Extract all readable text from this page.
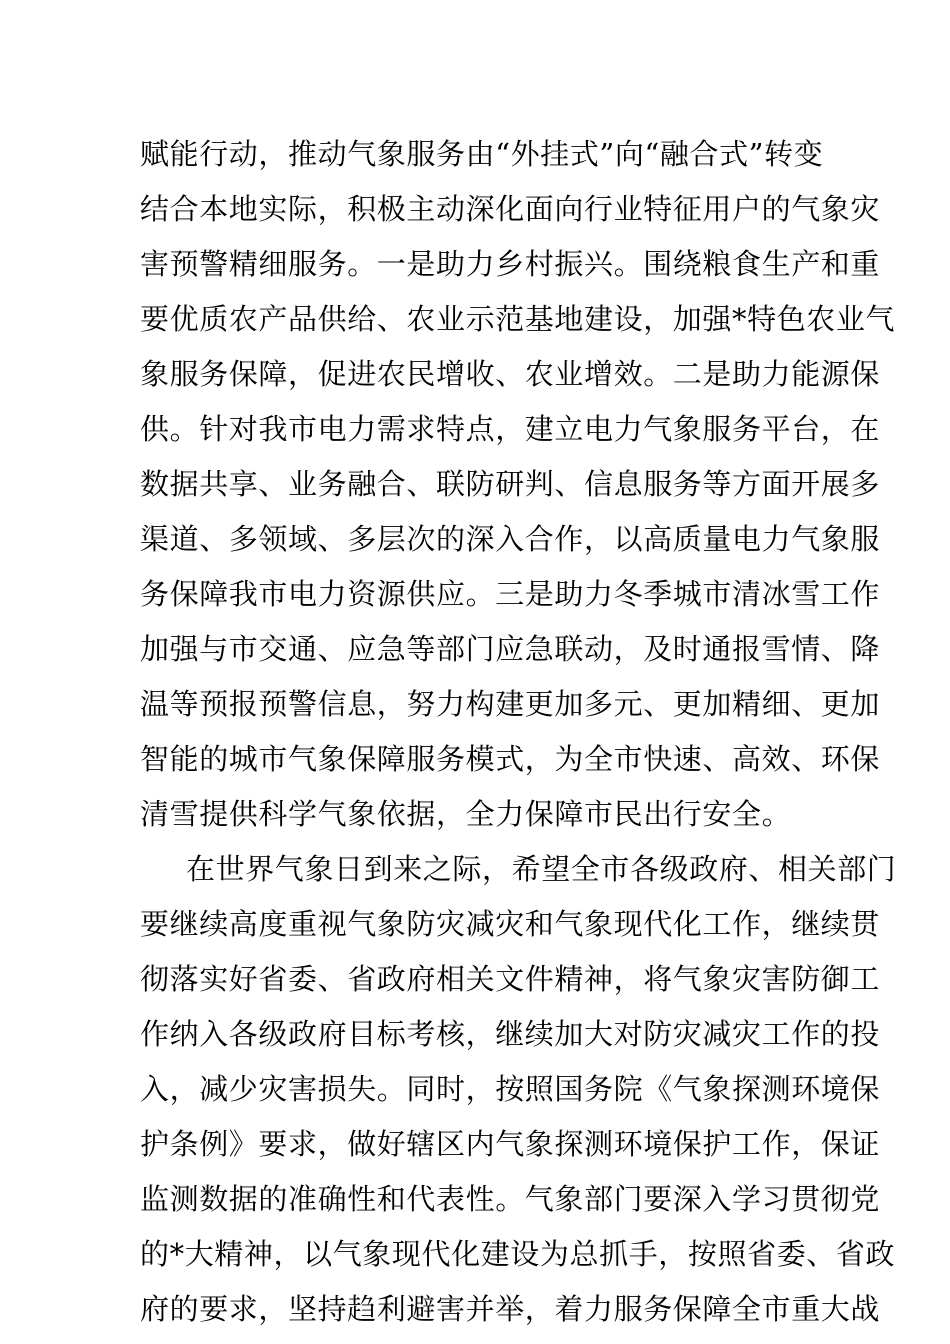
赋能行动，推动气象服务由“外挂式”向“融合式”转变
结合本地实际，积极主动深化面向行业特征用户的气象灾
害预警精细服务。一是助力乡村振兴。围绕粮食生产和重
要优质农产品供给、农业示范基地建设，加强*特色农业气
象服务保障，促进农民增收、农业增效。二是助力能源保
供。针对我市电力需求特点，建立电力气象服务平台，在
数据共享、业务融合、联防研判、信息服务等方面开展多
渠道、多领域、多层次的深入合作，以高质量电力气象服
务保障我市电力资源供应。三是助力冬季城市清冰雪工作
加强与市交通、应急等部门应急联动，及时通报雪情、降
温等预报预警信息，努力构建更加多元、更加精细、更加
智能的城市气象保障服务模式，为全市快速、高效、环保
清雪提供科学气象依据，全力保障市民出行安全。
在世界气象日到来之际，希望全市各级政府、相关部门
要继续高度重视气象防灾减灾和气象现代化工作，继续贯
彻落实好省委、省政府相关文件精神，将气象灾害防御工
作纳入各级政府目标考核，继续加大对防灾减灾工作的投
入，减少灾害损失。同时，按照国务院《气象探测环境保
护条例》要求，做好辖区内气象探测环境保护工作，保证
监测数据的准确性和代表性。气象部门要深入学习贯彻党
的*大精神，以气象现代化建设为总抓手，按照省委、省政
府的要求，坚持趋利避害并举，着力服务保障全市重大战
